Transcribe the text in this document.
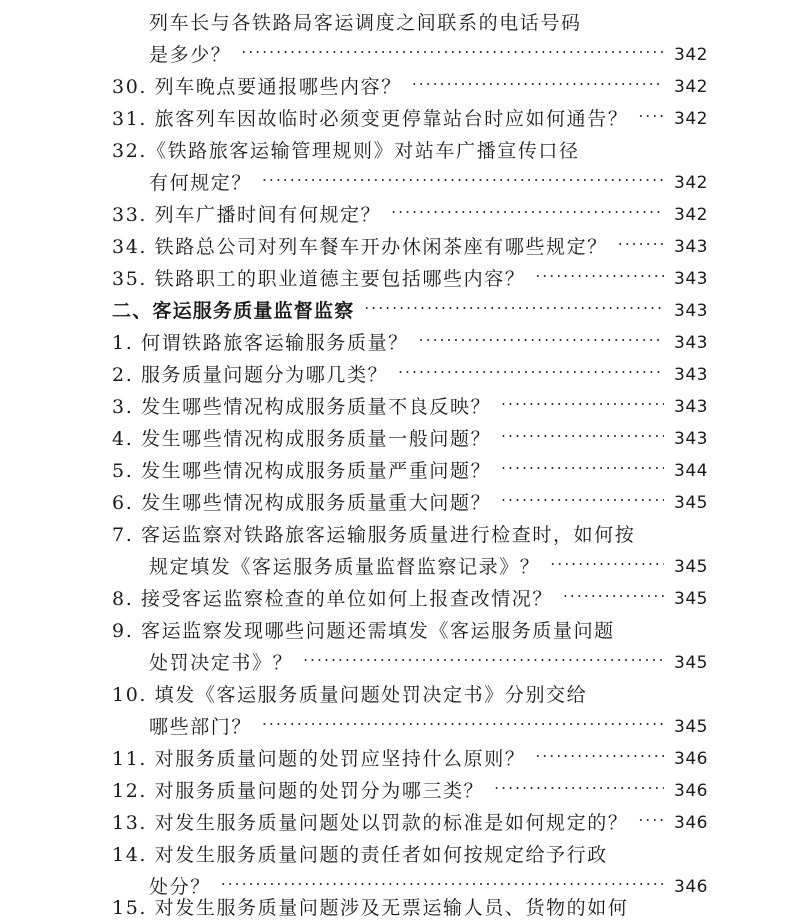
列车长与各铁路局客运调度之间联系的电话号码
是多少？ ·····	342
30. 列车晚点要通报哪些内容？ ·····	342
31. 旅客列车因故临时必须变更停靠站台时应如何通告？ ·····	342
32.《铁路旅客运输管理规则》对站车广播宣传口径
有何规定？ ·····	342
33. 列车广播时间有何规定？ ·····	342
34. 铁路总公司对列车餐车开办休闲茶座有哪些规定？ ·····	343
35. 铁路职工的职业道德主要包括哪些内容？ ·····	343
二、客运服务质量监督监察 ·····	343
1. 何谓铁路旅客运输服务质量？ ·····	343
2. 服务质量问题分为哪几类？ ·····	343
3. 发生哪些情况构成服务质量不良反映？ ·····	343
4. 发生哪些情况构成服务质量一般问题？ ·····	343
5. 发生哪些情况构成服务质量严重问题？ ·····	344
6. 发生哪些情况构成服务质量重大问题？ ·····	345
7. 客运监察对铁路旅客运输服务质量进行检查时，如何按
规定填发《客运服务质量监督监察记录》？ ·····	345
8. 接受客运监察检查的单位如何上报查改情况？ ·····	345
9. 客运监察发现哪些问题还需填发《客运服务质量问题
处罚决定书》？ ·····	345
10. 填发《客运服务质量问题处罚决定书》分别交给
哪些部门？ ·····	345
11. 对服务质量问题的处罚应坚持什么原则？ ·····	346
12. 对服务质量问题的处罚分为哪三类？ ·····	346
13. 对发生服务质量问题处以罚款的标准是如何规定的？ ·····	346
14. 对发生服务质量问题的责任者如何按规定给予行政
处分？ ·····	346
15. 对发生服务质量问题涉及无票运输人员、货物的如何
